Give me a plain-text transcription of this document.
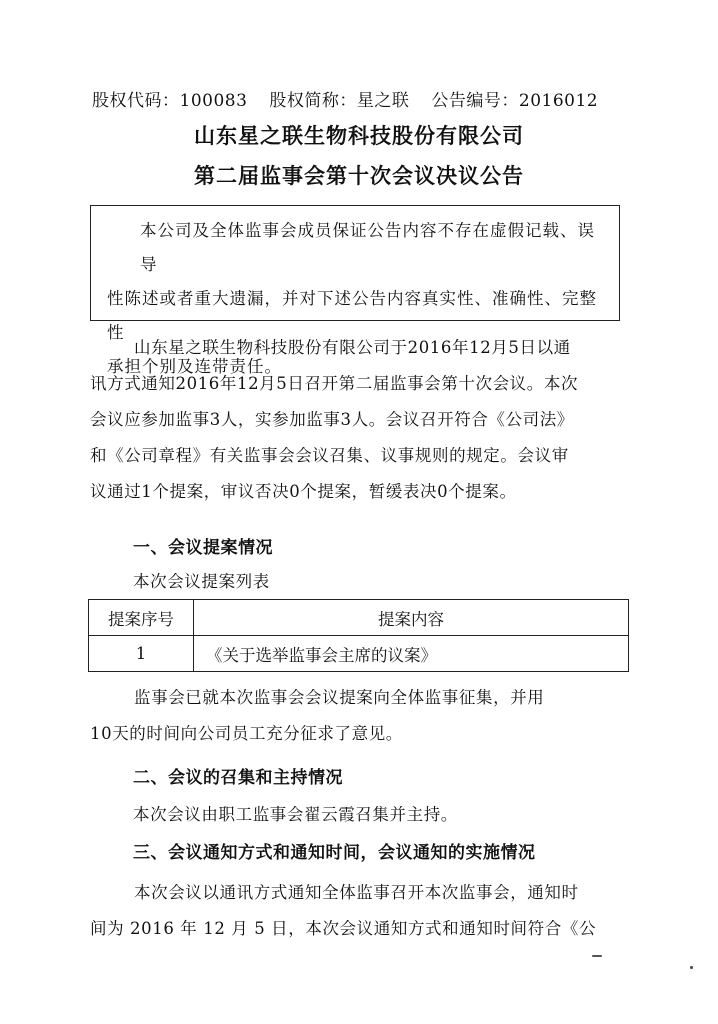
股权代码：100083 股权简称：星之联 公告编号：2016012
山东星之联生物科技股份有限公司
第二届监事会第十次会议决议公告
本公司及全体监事会成员保证公告内容不存在虚假记载、误导
性陈述或者重大遗漏，并对下述公告内容真实性、准确性、完整性
承担个别及连带责任。
山东星之联生物科技股份有限公司于2016年12月5日以通
讯方式通知2016年12月5日召开第二届监事会第十次会议。本次
会议应参加监事3人，实参加监事3人。会议召开符合《公司法》
和《公司章程》有关监事会会议召集、议事规则的规定。会议审
议通过1个提案，审议否决0个提案，暂缓表决0个提案。
一、会议提案情况
本次会议提案列表
提案序号	提案内容
1	《关于选举监事会主席的议案》
监事会已就本次监事会会议提案向全体监事征集，并用
10天的时间向公司员工充分征求了意见。
二、会议的召集和主持情况
本次会议由职工监事会翟云霞召集并主持。
三、会议通知方式和通知时间，会议通知的实施情况
本次会议以通讯方式通知全体监事召开本次监事会，通知时
间为 2016 年 12 月 5 日，本次会议通知方式和通知时间符合《公
